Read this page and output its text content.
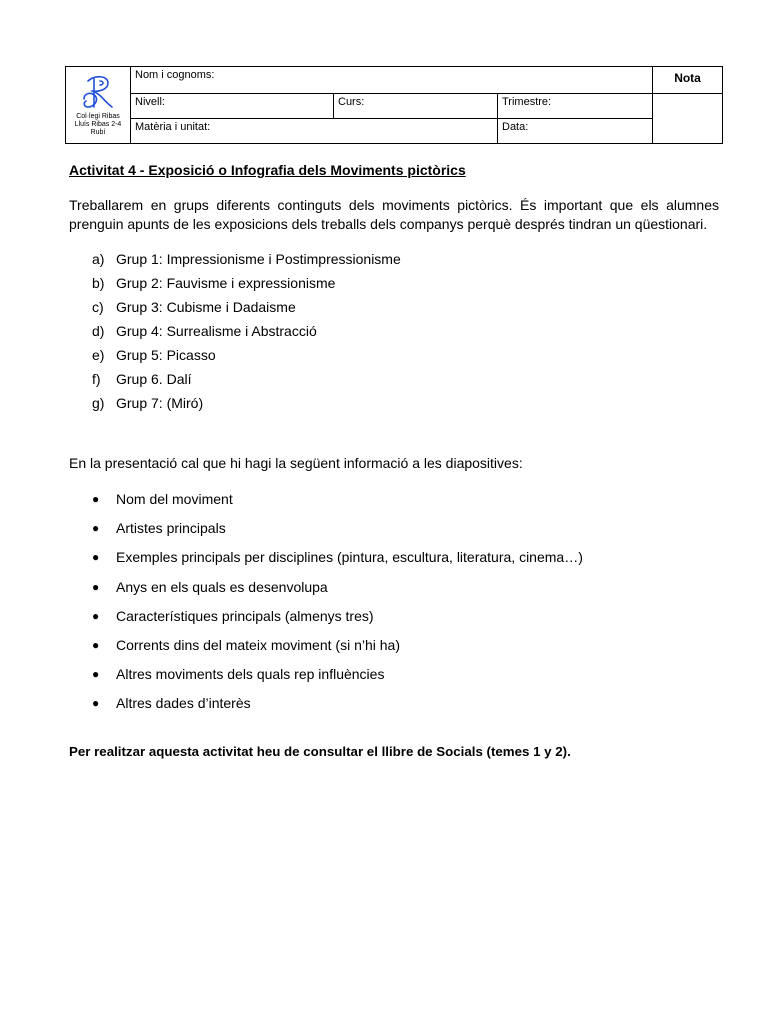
Col·legi Ribas
Lluís Ribas 2-4
Rubí	Nom i cognoms:			Nota
	Nivell:	Curs:	Trimestre:	
	Matèria i unitat:		Data:	
Activitat 4 - Exposició o Infografia dels Moviments pictòrics
Treballarem en grups diferents continguts dels moviments pictòrics. És important que els alumnes prenguin apunts de les exposicions dels treballs dels companys perquè després tindran un qüestionari.
a) Grup 1: Impressionisme i Postimpressionisme
b) Grup 2: Fauvisme i expressionisme
c) Grup 3: Cubisme i Dadaisme
d) Grup 4: Surrealisme i Abstracció
e) Grup 5: Picasso
f)	Grup 6. Dalí
g) Grup 7: (Miró)
En la presentació cal que hi hagi la següent informació a les diapositives:
●	Nom del moviment
●	Artistes principals
●	Exemples principals per disciplines (pintura, escultura, literatura, cinema…)
●	Anys en els quals es desenvolupa
●	Característiques principals (almenys tres)
●	Corrents dins del mateix moviment (si n’hi ha)
●	Altres moviments dels quals rep influències
●	Altres dades d’interès
Per realitzar aquesta activitat heu de consultar el llibre de Socials (temes 1 y 2).
